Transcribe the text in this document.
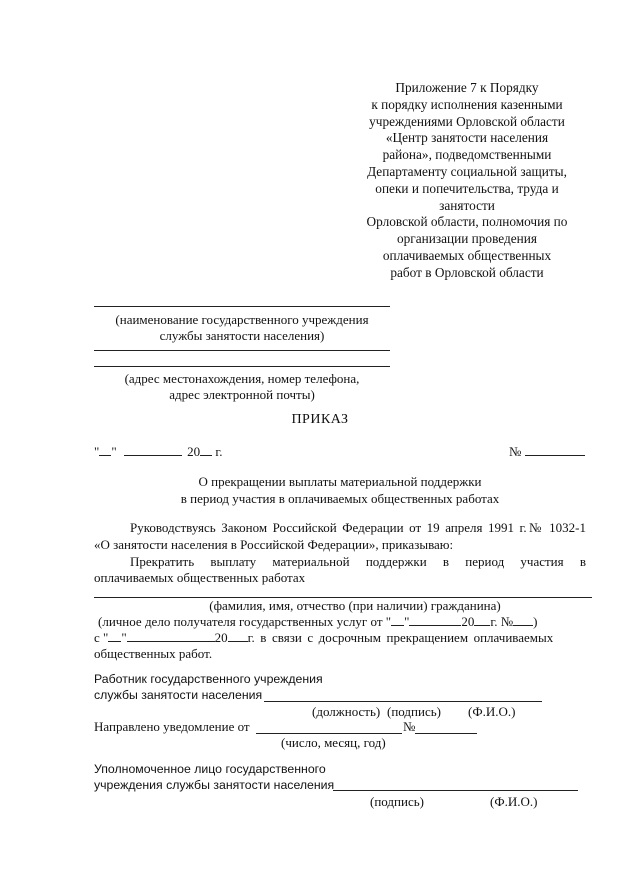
Приложение 7 к Порядку
к порядку исполнения казенными
учреждениями Орловской области
«Центр занятости населения
района», подведомственными
Департаменту социальной защиты,
опеки и попечительства, труда и
занятости
Орловской области, полномочия по
организации проведения
оплачиваемых общественных
работ в Орловской области
(наименование государственного учреждения
службы занятости населения)
(адрес местонахождения, номер телефона,
адрес электронной почты)
ПРИКАЗ
" "	20 г.	№
О прекращении выплаты материальной поддержки
в период участия в оплачиваемых общественных работах
Руководствуясь Законом Российской Федерации от 19 апреля 1991 г.№ 1032-1
«О занятости населения в Российской Федерации», приказываю:
Прекратить выплату материальной поддержки в период участия в
оплачиваемых общественных работах
(фамилия, имя, отчество (при наличии) гражданина)
(личное дело получателя государственных услуг от " "	20 г. № )
с " "	20 г. в связи с досрочным прекращением оплачиваемых
общественных работ.
Работник государственного учреждения
службы занятости населения
(должность) (подпись) (Ф.И.О.)
Направлено уведомление от	№
(число, месяц, год)
Уполномоченное лицо государственного
учреждения службы занятости населения
(подпись)	(Ф.И.О.)
